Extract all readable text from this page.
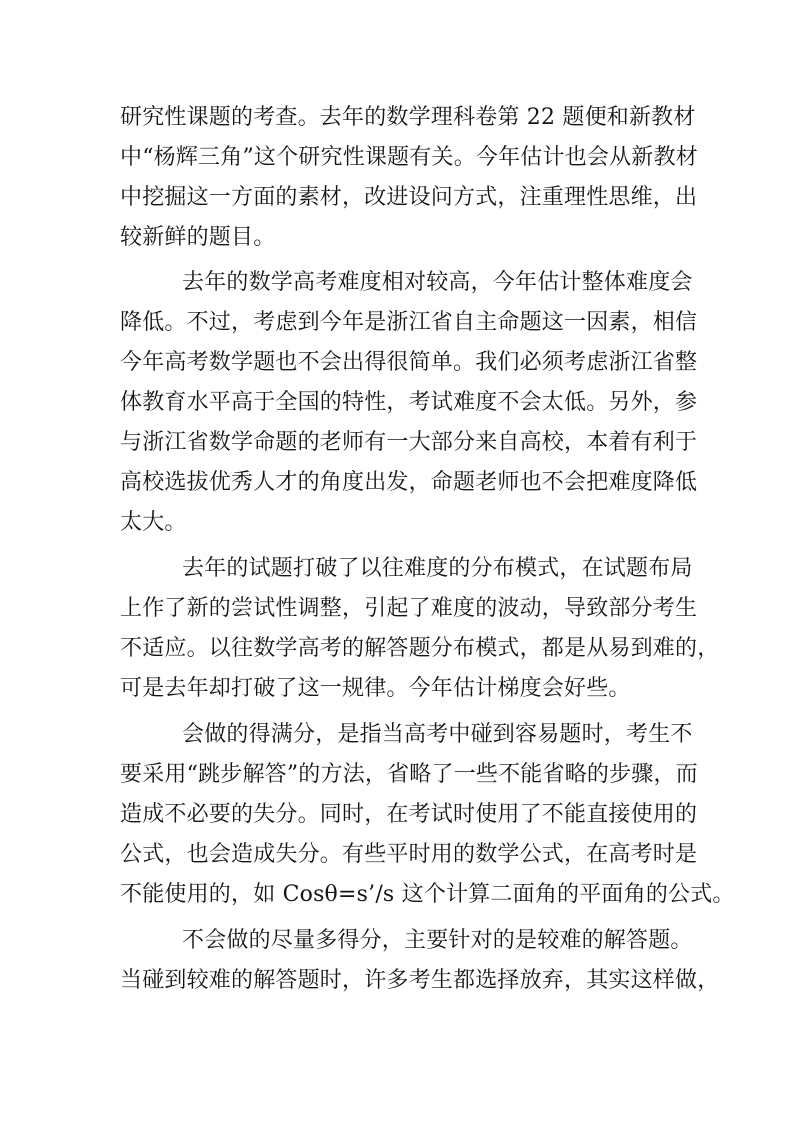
研究性课题的考查。去年的数学理科卷第 22 题便和新教材

中“杨辉三角”这个研究性课题有关。今年估计也会从新教材

中挖掘这一方面的素材，改进设问方式，注重理性思维，出

较新鲜的题目。

去年的数学高考难度相对较高，今年估计整体难度会

降低。不过，考虑到今年是浙江省自主命题这一因素，相信

今年高考数学题也不会出得很简单。我们必须考虑浙江省整

体教育水平高于全国的特性，考试难度不会太低。另外，参

与浙江省数学命题的老师有一大部分来自高校，本着有利于

高校选拔优秀人才的角度出发，命题老师也不会把难度降低

太大。

去年的试题打破了以往难度的分布模式，在试题布局

上作了新的尝试性调整，引起了难度的波动，导致部分考生

不适应。以往数学高考的解答题分布模式，都是从易到难的，

可是去年却打破了这一规律。今年估计梯度会好些。

会做的得满分，是指当高考中碰到容易题时，考生不

要采用“跳步解答”的方法，省略了一些不能省略的步骤，而

造成不必要的失分。同时，在考试时使用了不能直接使用的

公式，也会造成失分。有些平时用的数学公式，在高考时是

不能使用的，如 Cosθ=s’/s 这个计算二面角的平面角的公式。

不会做的尽量多得分，主要针对的是较难的解答题。

当碰到较难的解答题时，许多考生都选择放弃，其实这样做，
